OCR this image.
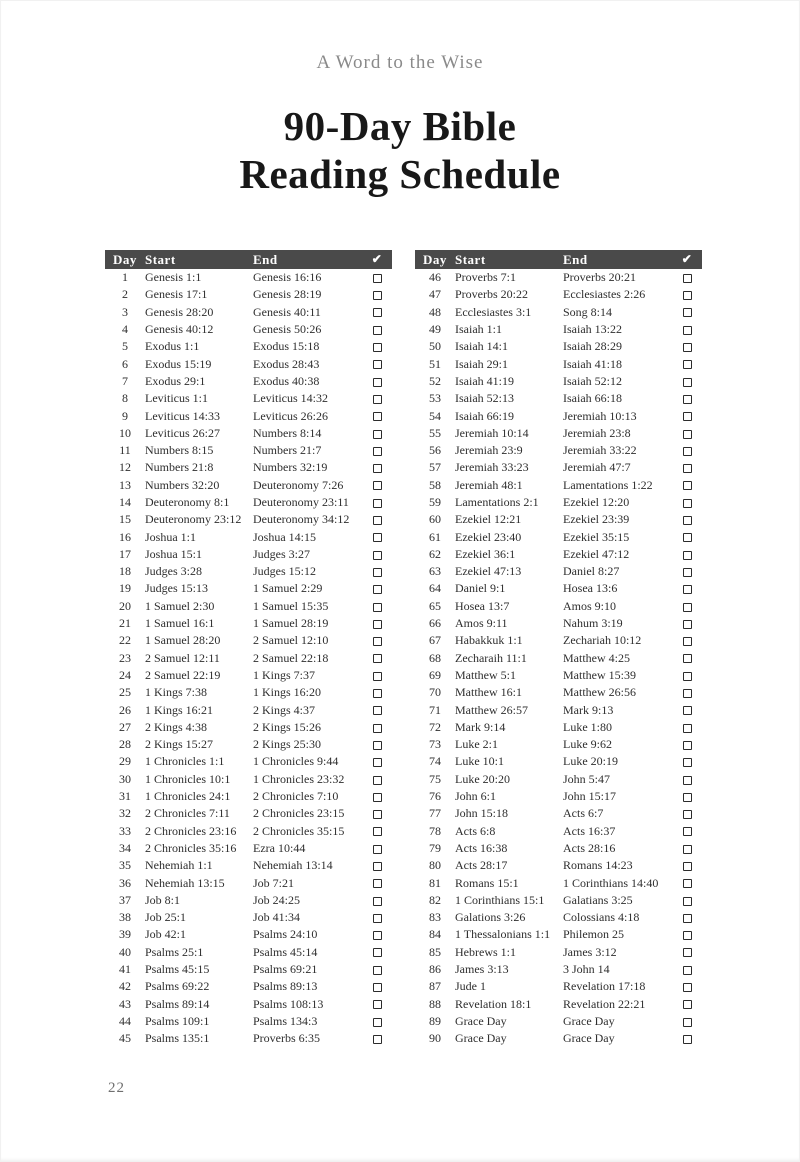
A Word to the Wise
90-Day Bible
Reading Schedule
Day	Start	End	✔
1	Genesis 1:1	Genesis 16:16	
2	Genesis 17:1	Genesis 28:19	
3	Genesis 28:20	Genesis 40:11	
4	Genesis 40:12	Genesis 50:26	
5	Exodus 1:1	Exodus 15:18	
6	Exodus 15:19	Exodus 28:43	
7	Exodus 29:1	Exodus 40:38	
8	Leviticus 1:1	Leviticus 14:32	
9	Leviticus 14:33	Leviticus 26:26	
10	Leviticus 26:27	Numbers 8:14	
11	Numbers 8:15	Numbers 21:7	
12	Numbers 21:8	Numbers 32:19	
13	Numbers 32:20	Deuteronomy 7:26	
14	Deuteronomy 8:1	Deuteronomy 23:11	
15	Deuteronomy 23:12	Deuteronomy 34:12	
16	Joshua 1:1	Joshua 14:15	
17	Joshua 15:1	Judges 3:27	
18	Judges 3:28	Judges 15:12	
19	Judges 15:13	1 Samuel 2:29	
20	1 Samuel 2:30	1 Samuel 15:35	
21	1 Samuel 16:1	1 Samuel 28:19	
22	1 Samuel 28:20	2 Samuel 12:10	
23	2 Samuel 12:11	2 Samuel 22:18	
24	2 Samuel 22:19	1 Kings 7:37	
25	1 Kings 7:38	1 Kings 16:20	
26	1 Kings 16:21	2 Kings 4:37	
27	2 Kings 4:38	2 Kings 15:26	
28	2 Kings 15:27	2 Kings 25:30	
29	1 Chronicles 1:1	1 Chronicles 9:44	
30	1 Chronicles 10:1	1 Chronicles 23:32	
31	1 Chronicles 24:1	2 Chronicles 7:10	
32	2 Chronicles 7:11	2 Chronicles 23:15	
33	2 Chronicles 23:16	2 Chronicles 35:15	
34	2 Chronicles 35:16	Ezra 10:44	
35	Nehemiah 1:1	Nehemiah 13:14	
36	Nehemiah 13:15	Job 7:21	
37	Job 8:1	Job 24:25	
38	Job 25:1	Job 41:34	
39	Job 42:1	Psalms 24:10	
40	Psalms 25:1	Psalms 45:14	
41	Psalms 45:15	Psalms 69:21	
42	Psalms 69:22	Psalms 89:13	
43	Psalms 89:14	Psalms 108:13	
44	Psalms 109:1	Psalms 134:3	
45	Psalms 135:1	Proverbs 6:35	
Day	Start	End	✔
46	Proverbs 7:1	Proverbs 20:21	
47	Proverbs 20:22	Ecclesiastes 2:26	
48	Ecclesiastes 3:1	Song 8:14	
49	Isaiah 1:1	Isaiah 13:22	
50	Isaiah 14:1	Isaiah 28:29	
51	Isaiah 29:1	Isaiah 41:18	
52	Isaiah 41:19	Isaiah 52:12	
53	Isaiah 52:13	Isaiah 66:18	
54	Isaiah 66:19	Jeremiah 10:13	
55	Jeremiah 10:14	Jeremiah 23:8	
56	Jeremiah 23:9	Jeremiah 33:22	
57	Jeremiah 33:23	Jeremiah 47:7	
58	Jeremiah 48:1	Lamentations 1:22	
59	Lamentations 2:1	Ezekiel 12:20	
60	Ezekiel 12:21	Ezekiel 23:39	
61	Ezekiel 23:40	Ezekiel 35:15	
62	Ezekiel 36:1	Ezekiel 47:12	
63	Ezekiel 47:13	Daniel 8:27	
64	Daniel 9:1	Hosea 13:6	
65	Hosea 13:7	Amos 9:10	
66	Amos 9:11	Nahum 3:19	
67	Habakkuk 1:1	Zechariah 10:12	
68	Zecharaih 11:1	Matthew 4:25	
69	Matthew 5:1	Matthew 15:39	
70	Matthew 16:1	Matthew 26:56	
71	Matthew 26:57	Mark 9:13	
72	Mark 9:14	Luke 1:80	
73	Luke 2:1	Luke 9:62	
74	Luke 10:1	Luke 20:19	
75	Luke 20:20	John 5:47	
76	John 6:1	John 15:17	
77	John 15:18	Acts 6:7	
78	Acts 6:8	Acts 16:37	
79	Acts 16:38	Acts 28:16	
80	Acts 28:17	Romans 14:23	
81	Romans 15:1	1 Corinthians 14:40	
82	1 Corinthians 15:1	Galatians 3:25	
83	Galations 3:26	Colossians 4:18	
84	1 Thessalonians 1:1	Philemon 25	
85	Hebrews 1:1	James 3:12	
86	James 3:13	3 John 14	
87	Jude 1	Revelation 17:18	
88	Revelation 18:1	Revelation 22:21	
89	Grace Day	Grace Day	
90	Grace Day	Grace Day	
22
